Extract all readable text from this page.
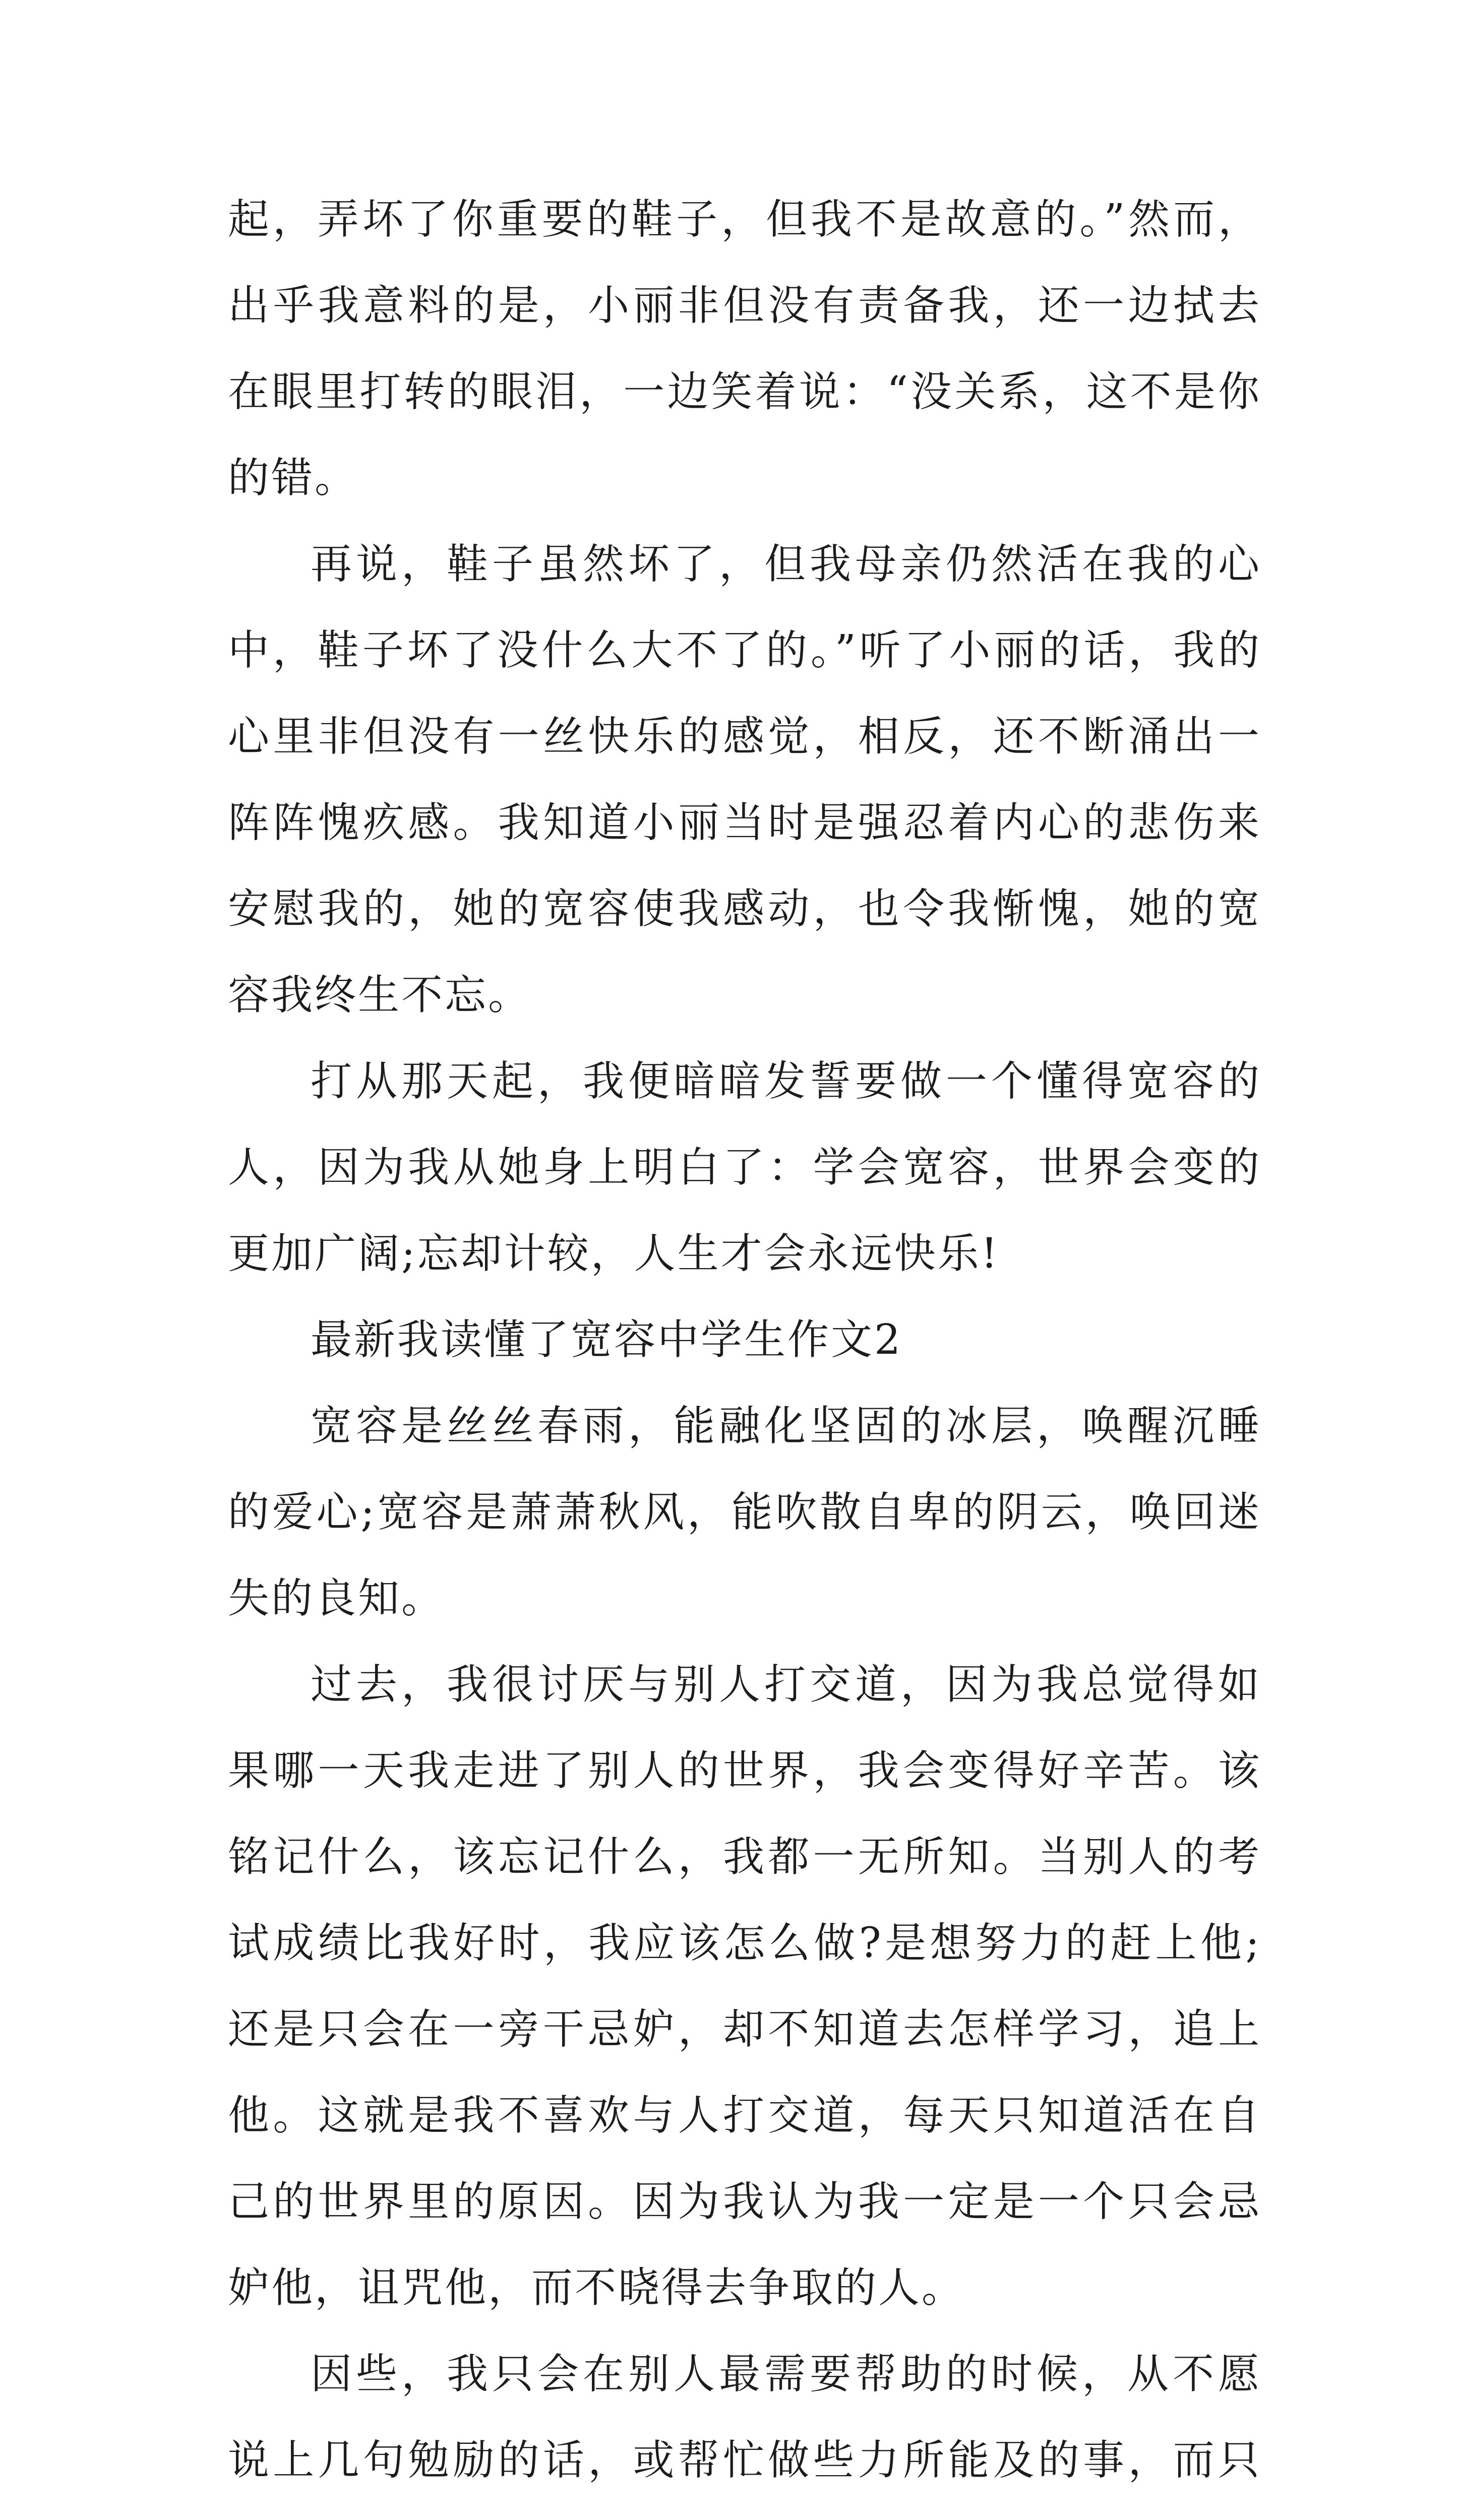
起，弄坏了你重要的鞋子，但我不是故意的。”然而，出乎我意料的是，小丽非但没有责备我，还一边拭去在眼里打转的眼泪，一边笑着说：“没关系，这不是你的错。

再说，鞋子虽然坏了，但我母亲仍然活在我的心中，鞋子坏了没什么大不了的。”听了小丽的话，我的心里非但没有一丝快乐的感觉，相反，还不断涌出一阵阵愧疚感。我知道小丽当时是强忍着内心的悲伤来安慰我的，她的宽容使我感动，也令我惭愧，她的宽容我终生不忘。

打从那天起，我便暗暗发誓要做一个懂得宽容的人，因为我从她身上明白了：学会宽容，世界会变的更加广阔;忘却计较，人生才会永远快乐!

最新我读懂了宽容中学生作文2

宽容是丝丝春雨，能融化坚固的冰层，唤醒沉睡的爱心;宽容是萧萧秋风，能吹散自卑的阴云，唤回迷失的良知。

过去，我很讨厌与别人打交道，因为我总觉得如果哪一天我走进了别人的世界，我会变得好辛苦。该铭记什么，该忘记什么，我都一无所知。当别人的考试成绩比我好时，我应该怎么做?是想努力的赶上他;还是只会在一旁干忌妒，却不知道去怎样学习，追上他。这就是我不喜欢与人打交道，每天只知道活在自己的世界里的原因。因为我认为我一定是一个只会忌妒他，诅咒他，而不晓得去争取的人。

因些，我只会在别人最需要帮助的时候，从不愿说上几句勉励的话，或帮忙做些力所能及的事，而只
